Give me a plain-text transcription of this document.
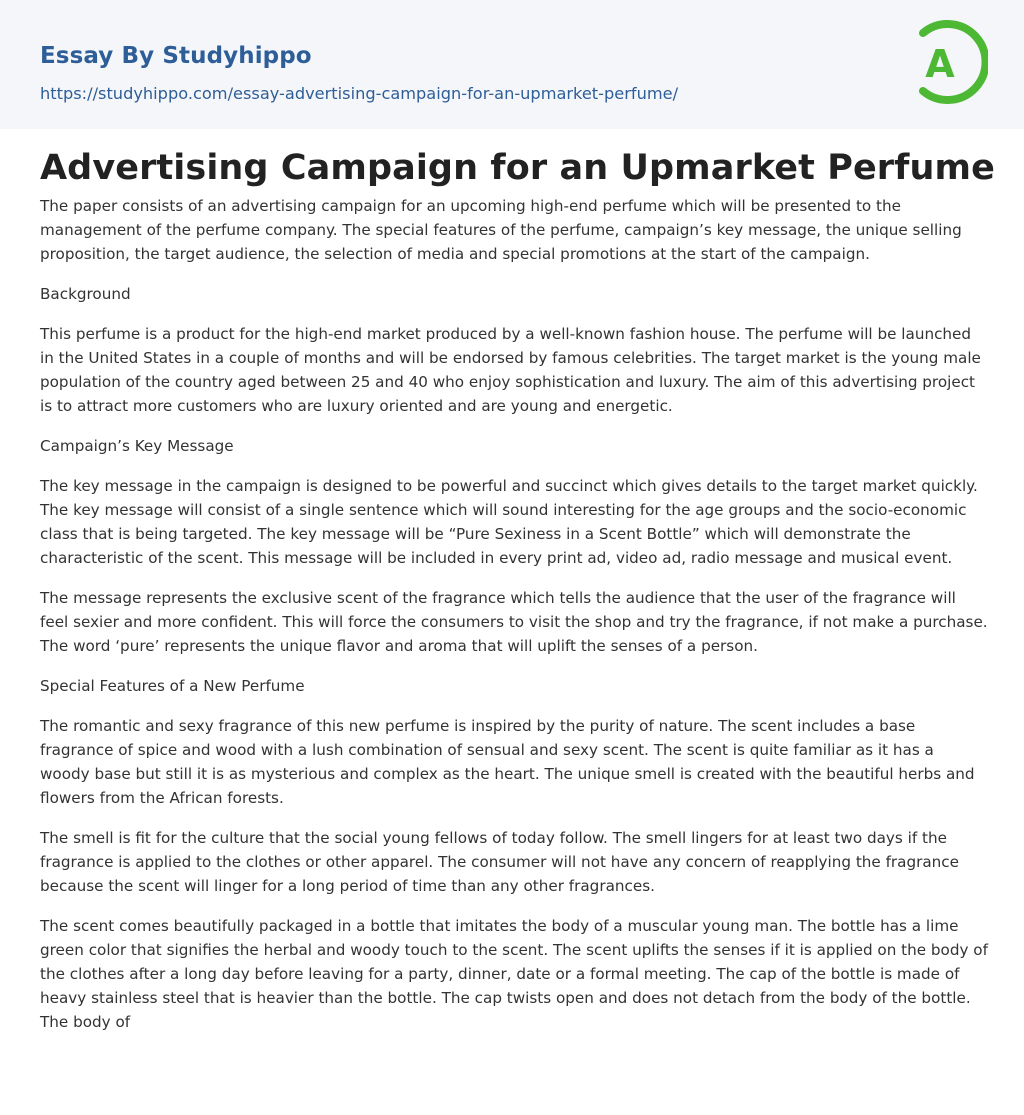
Essay By Studyhippo
https://studyhippo.com/essay-advertising-campaign-for-an-upmarket-perfume/
A
Advertising Campaign for an Upmarket Perfume

The paper consists of an advertising campaign for an upcoming high-end perfume which will be presented to the management of the perfume company. The special features of the perfume, campaign’s key message, the unique selling proposition, the target audience, the selection of media and special promotions at the start of the campaign.

Background

This perfume is a product for the high-end market produced by a well-known fashion house. The perfume will be launched in the United States in a couple of months and will be endorsed by famous celebrities. The target market is the young male population of the country aged between 25 and 40 who enjoy sophistication and luxury. The aim of this advertising project is to attract more customers who are luxury oriented and are young and energetic.

Campaign’s Key Message

The key message in the campaign is designed to be powerful and succinct which gives details to the target market quickly. The key message will consist of a single sentence which will sound interesting for the age groups and the socio-economic class that is being targeted. The key message will be “Pure Sexiness in a Scent Bottle” which will demonstrate the characteristic of the scent. This message will be included in every print ad, video ad, radio message and musical event.

The message represents the exclusive scent of the fragrance which tells the audience that the user of the fragrance will feel sexier and more confident. This will force the consumers to visit the shop and try the fragrance, if not make a purchase. The word ‘pure’ represents the unique flavor and aroma that will uplift the senses of a person.

Special Features of a New Perfume

The romantic and sexy fragrance of this new perfume is inspired by the purity of nature. The scent includes a base fragrance of spice and wood with a lush combination of sensual and sexy scent. The scent is quite familiar as it has a woody base but still it is as mysterious and complex as the heart. The unique smell is created with the beautiful herbs and flowers from the African forests.

The smell is fit for the culture that the social young fellows of today follow. The smell lingers for at least two days if the fragrance is applied to the clothes or other apparel. The consumer will not have any concern of reapplying the fragrance because the scent will linger for a long period of time than any other fragrances.

The scent comes beautifully packaged in a bottle that imitates the body of a muscular young man. The bottle has a lime green color that signifies the herbal and woody touch to the scent. The scent uplifts the senses if it is applied on the body of the clothes after a long day before leaving for a party, dinner, date or a formal meeting. The cap of the bottle is made of heavy stainless steel that is heavier than the bottle. The cap twists open and does not detach from the body of the bottle. The body of
